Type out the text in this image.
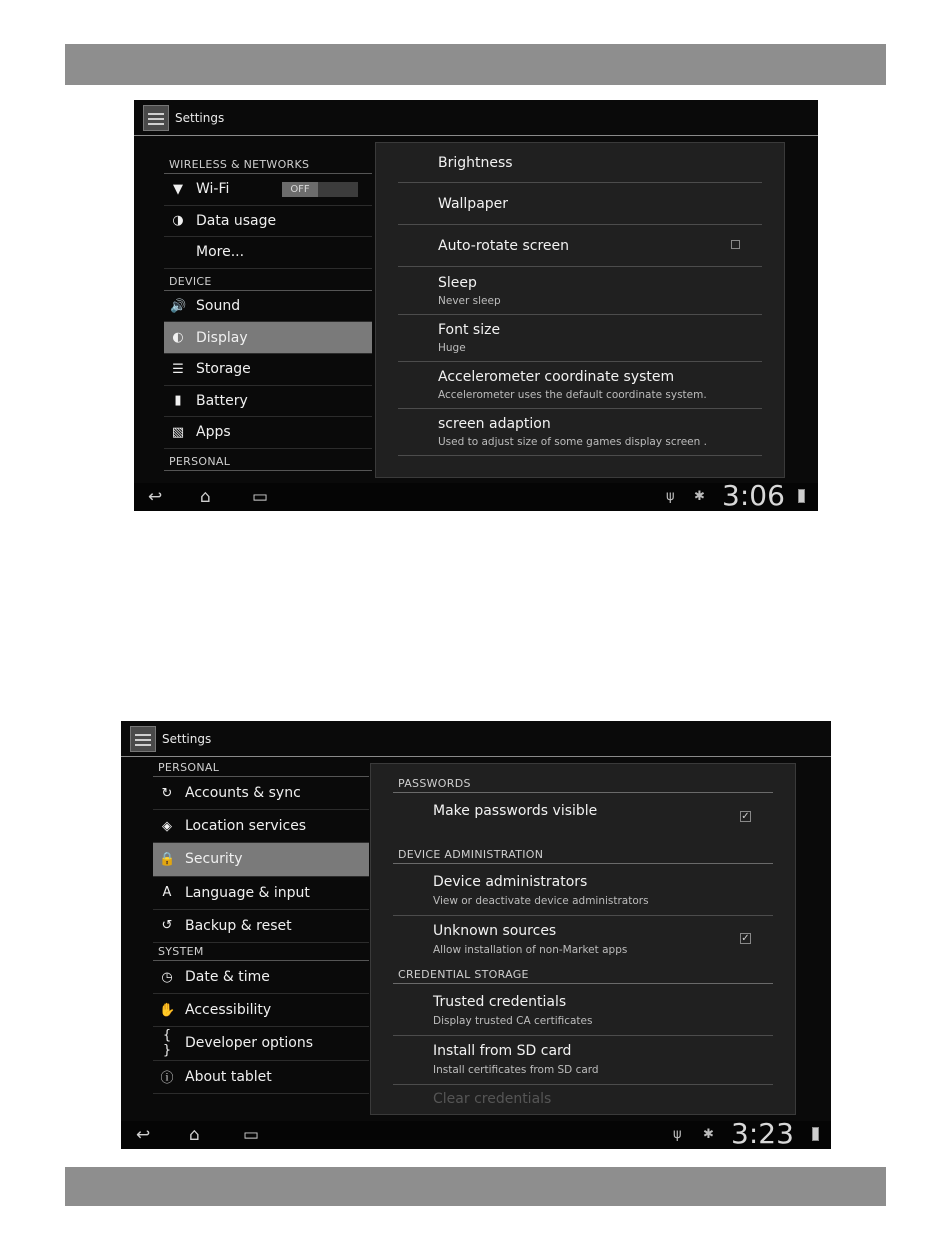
Settings
WIRELESS & NETWORKS
▼ Wi-Fi	OFF
◑ Data usage
More...
DEVICE
🔊 Sound
◐ Display
☰ Storage
▮	Battery
▧ Apps
PERSONAL
Brightness
Wallpaper
Auto-rotate screen
Sleep
Never sleep
Font size
Huge
Accelerometer coordinate system
Accelerometer uses the default coordinate system.
screen adaption
Used to adjust size of some games display screen .
↩ ⌂ ▭	ψ ✱ 3:06
Settings
PERSONAL
↻ Accounts & sync
◈ Location services
🔒 Security
A Language & input
↺ Backup & reset
SYSTEM
◷ Date & time
✋ Accessibility
{ } Developer options
ⓘ About tablet
PASSWORDS
Make passwords visible	✓
DEVICE ADMINISTRATION
Device administrators
View or deactivate device administrators
Unknown sources
Allow installation of non-Market apps
✓
CREDENTIAL STORAGE
Trusted credentials
Display trusted CA certificates
Install from SD card
Install certificates from SD card
Clear credentials
↩ ⌂	▭	ψ ✱ 3:23
